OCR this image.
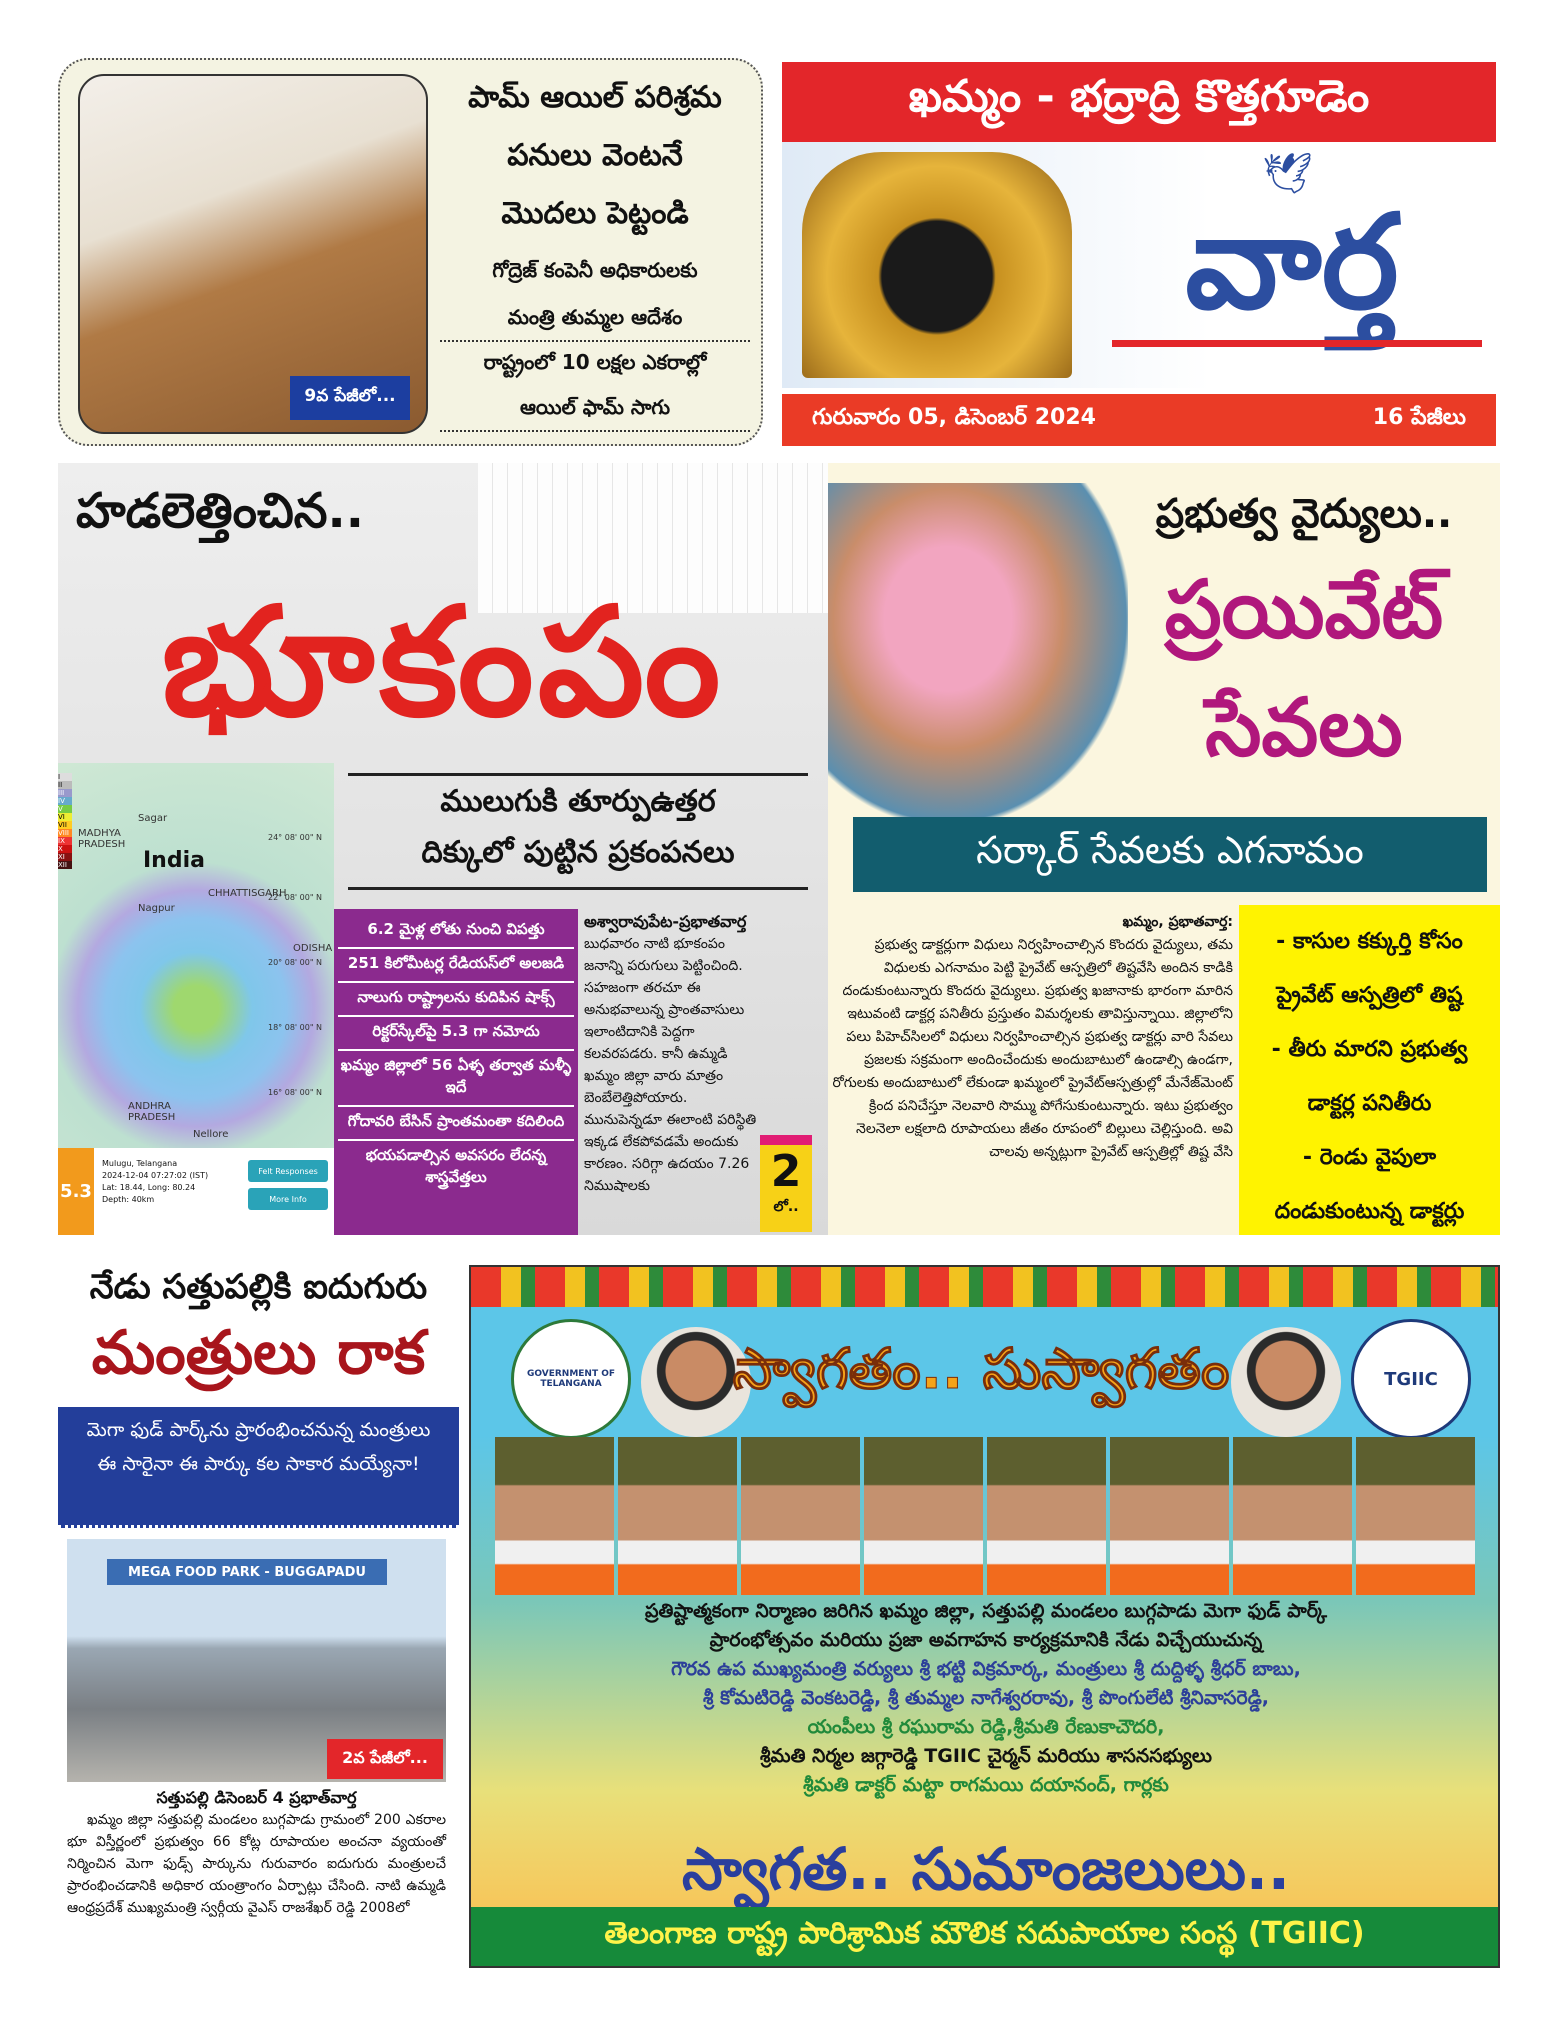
9వ పేజీలో...
పామ్ ఆయిల్ పరిశ్రమ
పనులు వెంటనే
మొదలు పెట్టండి
గోద్రెజ్ కంపెనీ అధికారులకు
మంత్రి తుమ్మల ఆదేశం
రాష్ట్రంలో 10 లక్షల ఎకరాల్లో
ఆయిల్ ఫామ్ సాగు
ఖమ్మం - భద్రాద్రి కొత్తగూడెం
🕊
వార్త
గురువారం 05, డిసెంబర్ 2024	16 పేజీలు
హడలెత్తించిన..
భూకంపం
I
II
III
IV
V
VI
VII
VIII
IX
X
XI
XII
MADHYA PRADESH
India
CHHATTISGARH
Nagpur
Sagar
ODISHA
ANDHRA PRADESH
Nellore
24° 08' 00" N
22° 08' 00" N
20° 08' 00" N
18° 08' 00" N
16° 08' 00" N
5.3
Mulugu, Telangana
2024-12-04 07:27:02 (IST)
Lat: 18.44, Long: 80.24
Depth: 40km
Felt Responses
More Info
ములుగుకి తూర్పుఉత్తర
దిక్కులో పుట్టిన ప్రకంపనలు
6.2 మైళ్ల లోతు నుంచి విపత్తు
251 కిలోమీటర్ల రేడియస్‌లో అలజడి
నాలుగు రాష్ట్రాలను కుదిపిన షాక్స్
రిక్టర్‌స్కేల్‌పై 5.3 గా నమోదు
ఖమ్మం జిల్లాలో 56 ఏళ్ళ తర్వాత మళ్ళీ ఇదే
గోదావరి బేసిన్ ప్రాంతమంతా కదిలింది
భయపడాల్సిన అవసరం లేదన్న శాస్త్రవేత్తలు
అశ్వారావుపేట-ప్రభాతవార్త
బుధవారం నాటి భూకంపం జనాన్ని పరుగులు పెట్టించింది. సహజంగా తరచూ ఈ అనుభవాలున్న ప్రాంతవాసులు ఇలాంటిదానికి పెద్దగా కలవరపడరు. కానీ ఉమ్మడి ఖమ్మం జిల్లా వారు మాత్రం బెంబేలెత్తిపోయారు. మునుపెన్నడూ ఈలాంటి పరిస్థితి ఇక్కడ లేకపోవడమే అందుకు కారణం. సరిగ్గా ఉదయం 7.26 నిముషాలకు	2
లో..
ప్రభుత్వ వైద్యులు..
ప్రయివేట్
సేవలు
సర్కార్ సేవలకు ఎగనామం
ఖమ్మం, ప్రభాతవార్త:
ప్రభుత్వ డాక్టర్లుగా విధులు నిర్వహించాల్సిన కొందరు వైద్యులు, తమ విధులకు ఎగనామం పెట్టి ప్రైవేట్ ఆస్పత్రిలో తిష్టవేసి అందిన కాడికి దండుకుంటున్నారు కొందరు వైద్యులు. ప్రభుత్వ ఖజానాకు భారంగా మారిన ఇటువంటి డాక్టర్ల పనితీరు ప్రస్తుతం విమర్శలకు తావిస్తున్నాయి. జిల్లాలోని పలు పిహెచ్‌సిలలో విధులు నిర్వహించాల్సిన ప్రభుత్వ డాక్టర్లు వారి సేవలు ప్రజలకు సక్రమంగా అందించేందుకు అందుబాటులో ఉండాల్సి ఉండగా, రోగులకు అందుబాటులో లేకుండా ఖమ్మంలో ప్రైవేట్‌ఆస్పత్రుల్లో మేనేజ్‌మెంట్ క్రింద పనిచేస్తూ నెలవారి సొమ్ము పోగేసుకుంటున్నారు. ఇటు ప్రభుత్వం నెలనెలా లక్షలాది రూపాయలు జీతం రూపంలో బిల్లులు చెల్లిస్తుంది. అవి చాలవు అన్నట్లుగా ప్రైవేట్ ఆస్పత్రిల్లో తిష్ట వేసి
- కాసుల కక్కుర్తి కోసం
ప్రైవేట్ ఆస్పత్రిలో తిష్ట
- తీరు మారని ప్రభుత్వ
డాక్టర్ల పనితీరు
- రెండు వైపులా
దండుకుంటున్న డాక్టర్లు
నేడు సత్తుపల్లికి ఐదుగురు
మంత్రులు రాక
మెగా ఫుడ్ పార్క్‌ను ప్రారంభించనున్న మంత్రులు
ఈ సారైనా ఈ పార్కు కల సాకార మయ్యేనా!
MEGA FOOD PARK - BUGGAPADU
2వ పేజీలో...
సత్తుపల్లి డిసెంబర్ 4 ప్రభాత్‌వార్త
ఖమ్మం జిల్లా సత్తుపల్లి మండలం బుగ్గపాడు గ్రామంలో 200 ఎకరాల భూ విస్తీర్ణంలో ప్రభుత్వం 66 కోట్ల రూపాయల అంచనా వ్యయంతో నిర్మించిన మెగా ఫుడ్స్ పార్కును గురువారం ఐదుగురు మంత్రులచే ప్రారంభించడానికి అధికార యంత్రాంగం ఏర్పాట్లు చేసింది. నాటి ఉమ్మడి ఆంధ్రప్రదేశ్ ముఖ్యమంత్రి స్వర్గీయ వైఎస్ రాజశేఖర్ రెడ్డి 2008లో
GOVERNMENT OF TELANGANA	స్వాగతం.. సుస్వాగతం	TGIIC
ప్రతిష్టాత్మకంగా నిర్మాణం జరిగిన ఖమ్మం జిల్లా, సత్తుపల్లి మండలం బుగ్గపాడు మెగా ఫుడ్ పార్క్
ప్రారంభోత్సవం మరియు ప్రజా అవగాహన కార్యక్రమానికి నేడు విచ్చేయుచున్న
గౌరవ ఉప ముఖ్యమంత్రి వర్యులు శ్రీ భట్టి విక్రమార్క, మంత్రులు శ్రీ దుద్దిళ్ళ శ్రీధర్ బాబు,
శ్రీ కోమటిరెడ్డి వెంకటరెడ్డి, శ్రీ తుమ్మల నాగేశ్వరరావు, శ్రీ పొంగులేటి శ్రీనివాసరెడ్డి,
యంపీలు శ్రీ రఘురామ రెడ్డి,శ్రీమతి రేణుకాచౌదరి,
శ్రీమతి నిర్మల జగ్గారెడ్డి TGIIC చైర్మన్ మరియు శాసనసభ్యులు
శ్రీమతి డాక్టర్ మట్టా రాగమయి దయానంద్, గార్లకు
స్వాగత.. సుమాంజలులు..
తెలంగాణ రాష్ట్ర పారిశ్రామిక మౌలిక సదుపాయాల సంస్థ (TGIIC)
